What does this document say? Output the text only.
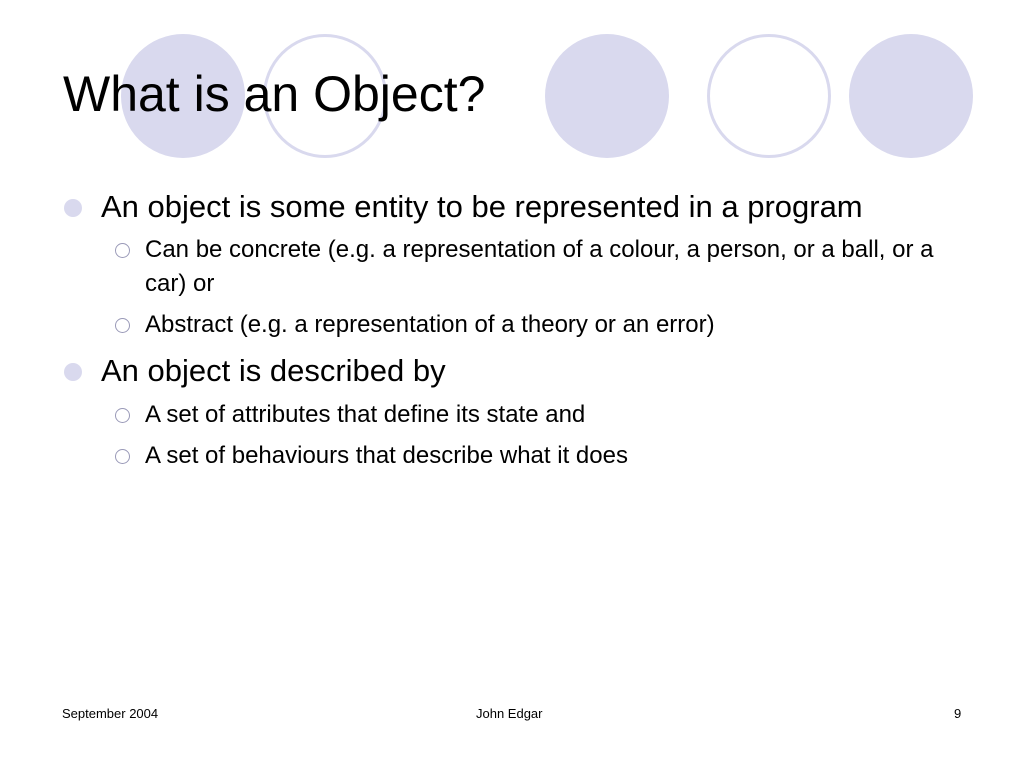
What is an Object?
An object is some entity to be represented in a program
Can be concrete (e.g. a representation of a colour, a person, or a ball, or a car) or
Abstract (e.g. a representation of a theory or an error)
An object is described by
A set of attributes that define its state and
A set of behaviours that describe what it does
September 2004	John Edgar	9
